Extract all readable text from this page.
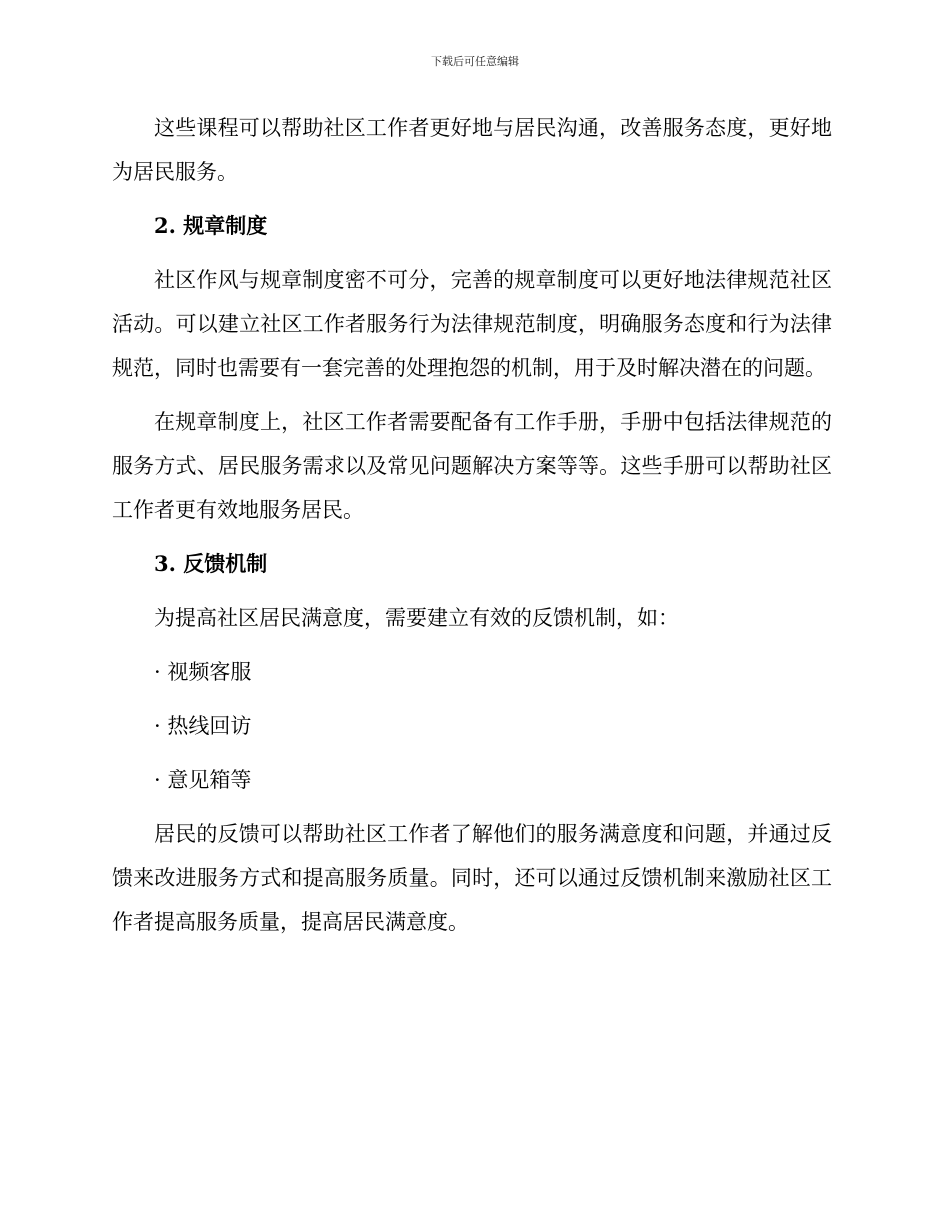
下载后可任意编辑

这些课程可以帮助社区工作者更好地与居民沟通，改善服务态度，更好地为居民服务。

2. 规章制度

社区作风与规章制度密不可分，完善的规章制度可以更好地法律规范社区活动。可以建立社区工作者服务行为法律规范制度，明确服务态度和行为法律规范，同时也需要有一套完善的处理抱怨的机制，用于及时解决潜在的问题。

在规章制度上，社区工作者需要配备有工作手册，手册中包括法律规范的服务方式、居民服务需求以及常见问题解决方案等等。这些手册可以帮助社区工作者更有效地服务居民。

3. 反馈机制

为提高社区居民满意度，需要建立有效的反馈机制，如：

· 视频客服
· 热线回访
· 意见箱等

居民的反馈可以帮助社区工作者了解他们的服务满意度和问题，并通过反馈来改进服务方式和提高服务质量。同时，还可以通过反馈机制来激励社区工作者提高服务质量，提高居民满意度。
